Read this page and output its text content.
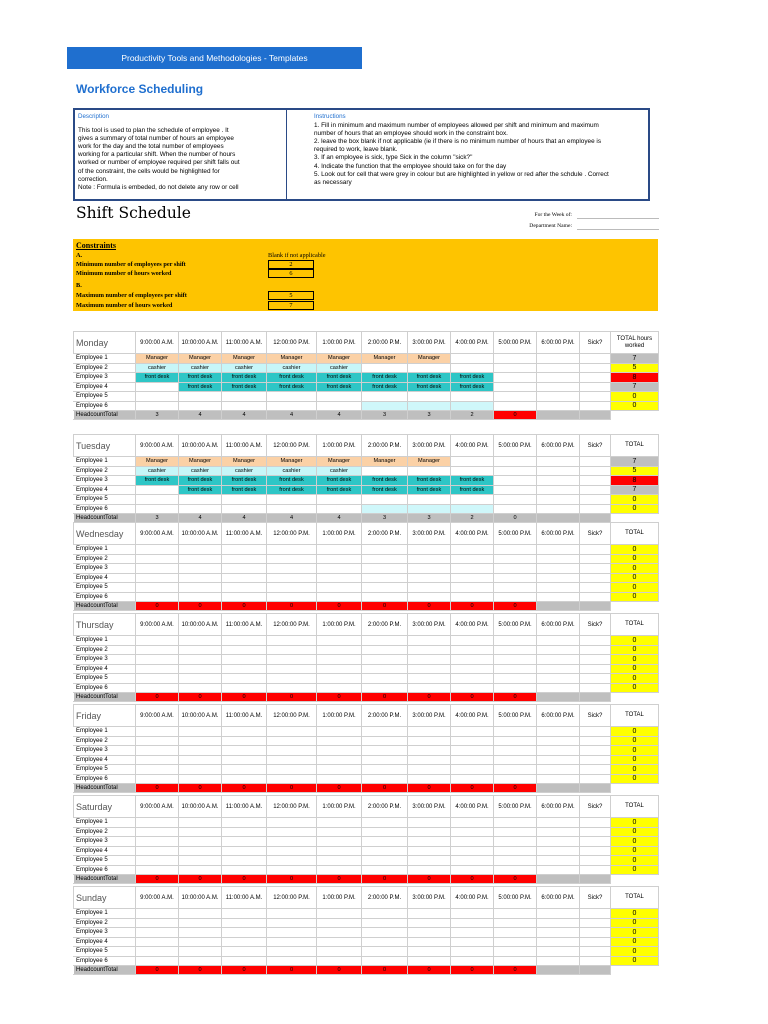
Productivity Tools and Methodologies - Templates
Workforce Scheduling
Description
This tool is used to plan the schedule of employee . It
gives a summary of total number of hours an employee
work for the day and the total number of employees
working for a particular shift. When the number of hours
worked or number of employee required per shift falls out
of the constraint, the cells would be highlighted for
correction.
Note : Formula is embeded, do not delete any row or cell
Instructions
1. Fill in minimum and maximum number of employees allowed per shift and minimum and maximum
number of hours that an employee should work in the constraint box.
2. leave the box blank if not applicable (ie if there is no minimum number of hours that an employee is
required to work, leave blank.
3. If an employee is sick, type Sick in the column "sick?"
4. Indicate the function that the employee should take on for the day
5. Look out for cell that were grey in colour but are highlighted in yellow or red after the schdule . Correct
as necessary
Shift Schedule	For the Week of:
Department Name:
Constraints
A.	Blank if not applicable
Minimum number of employees per shift	2
Minimum number of hours worked	6
B.
Maximum number of employees per shift	5
Maximum number of hours worked	7
Monday	9:00:00 A.M.	10:00:00 A.M.	11:00:00 A.M.	12:00:00 P.M.	1:00:00 P.M.	2:00:00 P.M.	3:00:00 P.M.	4:00:00 P.M.	5:00:00 P.M.	6:00:00 P.M.	Sick?	TOTAL hours worked
Employee 1	Manager	Manager	Manager	Manager	Manager	Manager	Manager					7
Employee 2	cashier	cashier	cashier	cashier	cashier							5
Employee 3	front desk	front desk	front desk	front desk	front desk	front desk	front desk	front desk				8
Employee 4		front desk	front desk	front desk	front desk	front desk	front desk	front desk				7
Employee 5												0
Employee 6												0
HeadcountTotal	3	4	4	4	4	3	3	2	0			
Tuesday	9:00:00 A.M.	10:00:00 A.M.	11:00:00 A.M.	12:00:00 P.M.	1:00:00 P.M.	2:00:00 P.M.	3:00:00 P.M.	4:00:00 P.M.	5:00:00 P.M.	6:00:00 P.M.	Sick?	TOTAL
Employee 1	Manager	Manager	Manager	Manager	Manager	Manager	Manager					7
Employee 2	cashier	cashier	cashier	cashier	cashier							5
Employee 3	front desk	front desk	front desk	front desk	front desk	front desk	front desk	front desk				8
Employee 4		front desk	front desk	front desk	front desk	front desk	front desk	front desk				7
Employee 5												0
Employee 6												0
HeadcountTotal	3	4	4	4	4	3	3	2	0			
Wednesday	9:00:00 A.M.	10:00:00 A.M.	11:00:00 A.M.	12:00:00 P.M.	1:00:00 P.M.	2:00:00 P.M.	3:00:00 P.M.	4:00:00 P.M.	5:00:00 P.M.	6:00:00 P.M.	Sick?	TOTAL
Employee 1												0
Employee 2												0
Employee 3												0
Employee 4												0
Employee 5												0
Employee 6												0
HeadcountTotal	0	0	0	0	0	0	0	0	0			
Thursday	9:00:00 A.M.	10:00:00 A.M.	11:00:00 A.M.	12:00:00 P.M.	1:00:00 P.M.	2:00:00 P.M.	3:00:00 P.M.	4:00:00 P.M.	5:00:00 P.M.	6:00:00 P.M.	Sick?	TOTAL
Employee 1												0
Employee 2												0
Employee 3												0
Employee 4												0
Employee 5												0
Employee 6												0
HeadcountTotal	0	0	0	0	0	0	0	0	0			
Friday	9:00:00 A.M.	10:00:00 A.M.	11:00:00 A.M.	12:00:00 P.M.	1:00:00 P.M.	2:00:00 P.M.	3:00:00 P.M.	4:00:00 P.M.	5:00:00 P.M.	6:00:00 P.M.	Sick?	TOTAL
Employee 1												0
Employee 2												0
Employee 3												0
Employee 4												0
Employee 5												0
Employee 6												0
HeadcountTotal	0	0	0	0	0	0	0	0	0			
Saturday	9:00:00 A.M.	10:00:00 A.M.	11:00:00 A.M.	12:00:00 P.M.	1:00:00 P.M.	2:00:00 P.M.	3:00:00 P.M.	4:00:00 P.M.	5:00:00 P.M.	6:00:00 P.M.	Sick?	TOTAL
Employee 1												0
Employee 2												0
Employee 3												0
Employee 4												0
Employee 5												0
Employee 6												0
HeadcountTotal	0	0	0	0	0	0	0	0	0			
Sunday	9:00:00 A.M.	10:00:00 A.M.	11:00:00 A.M.	12:00:00 P.M.	1:00:00 P.M.	2:00:00 P.M.	3:00:00 P.M.	4:00:00 P.M.	5:00:00 P.M.	6:00:00 P.M.	Sick?	TOTAL
Employee 1												0
Employee 2												0
Employee 3												0
Employee 4												0
Employee 5												0
Employee 6												0
HeadcountTotal	0	0	0	0	0	0	0	0	0			
